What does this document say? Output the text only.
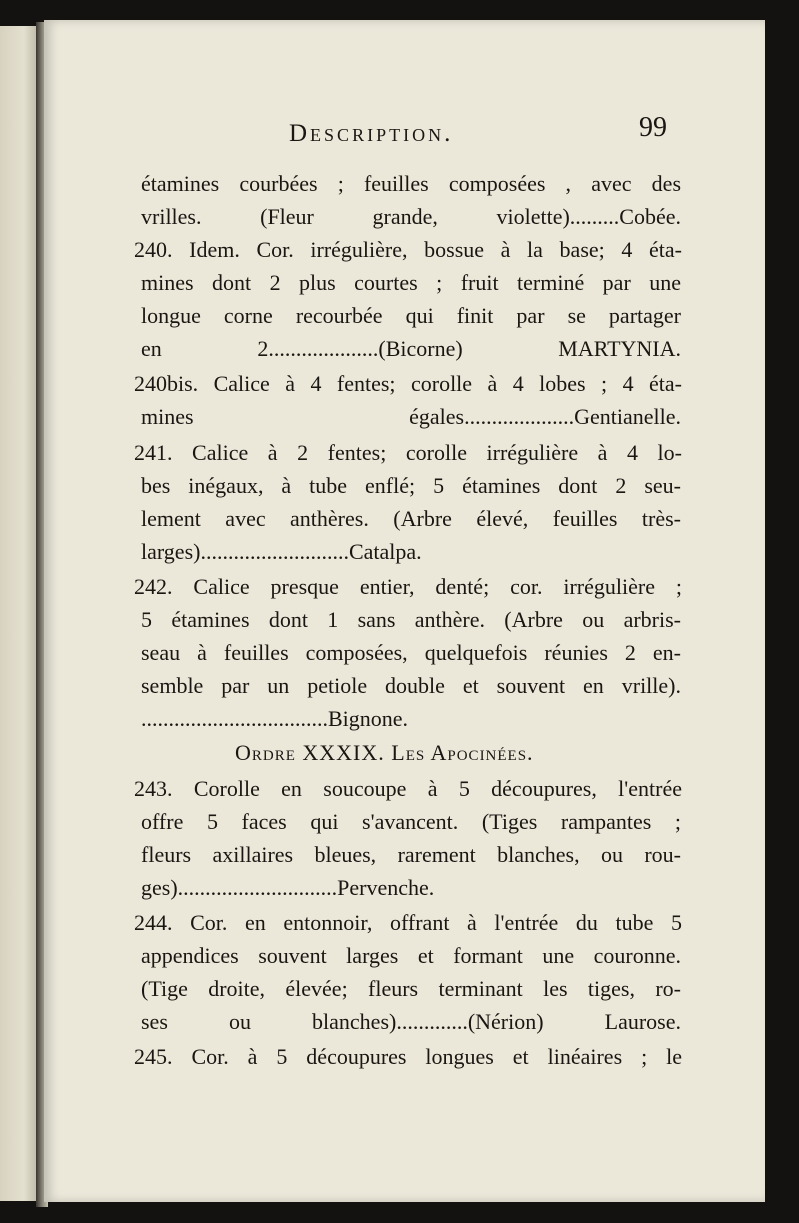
Description.	99
étamines courbées ; feuilles composées , avec des
vrilles. (Fleur grande, violette).........Cobée.
240. Idem. Cor. irrégulière, bossue à la base; 4 éta-
mines dont 2 plus courtes ; fruit terminé par une
longue corne recourbée qui finit par se partager
en 2....................(Bicorne) MARTYNIA.
240bis. Calice à 4 fentes; corolle à 4 lobes ; 4 éta-
mines égales....................Gentianelle.
241. Calice à 2 fentes; corolle irrégulière à 4 lo-
bes inégaux, à tube enflé; 5 étamines dont 2 seu-
lement avec anthères. (Arbre élevé, feuilles très-
larges)...........................Catalpa.
242. Calice presque entier, denté; cor. irrégulière ;
5 étamines dont 1 sans anthère. (Arbre ou arbris-
seau à feuilles composées, quelquefois réunies 2 en-
semble par un petiole double et souvent en vrille).
..................................Bignone.
Ordre XXXIX. Les Apocinées.
243. Corolle en soucoupe à 5 découpures, l'entrée
offre 5 faces qui s'avancent. (Tiges rampantes ;
fleurs axillaires bleues, rarement blanches, ou rou-
ges).............................Pervenche.
244. Cor. en entonnoir, offrant à l'entrée du tube 5
appendices souvent larges et formant une couronne.
(Tige droite, élevée; fleurs terminant les tiges, ro-
ses ou blanches).............(Nérion) Laurose.
245. Cor. à 5 découpures longues et linéaires ; le
